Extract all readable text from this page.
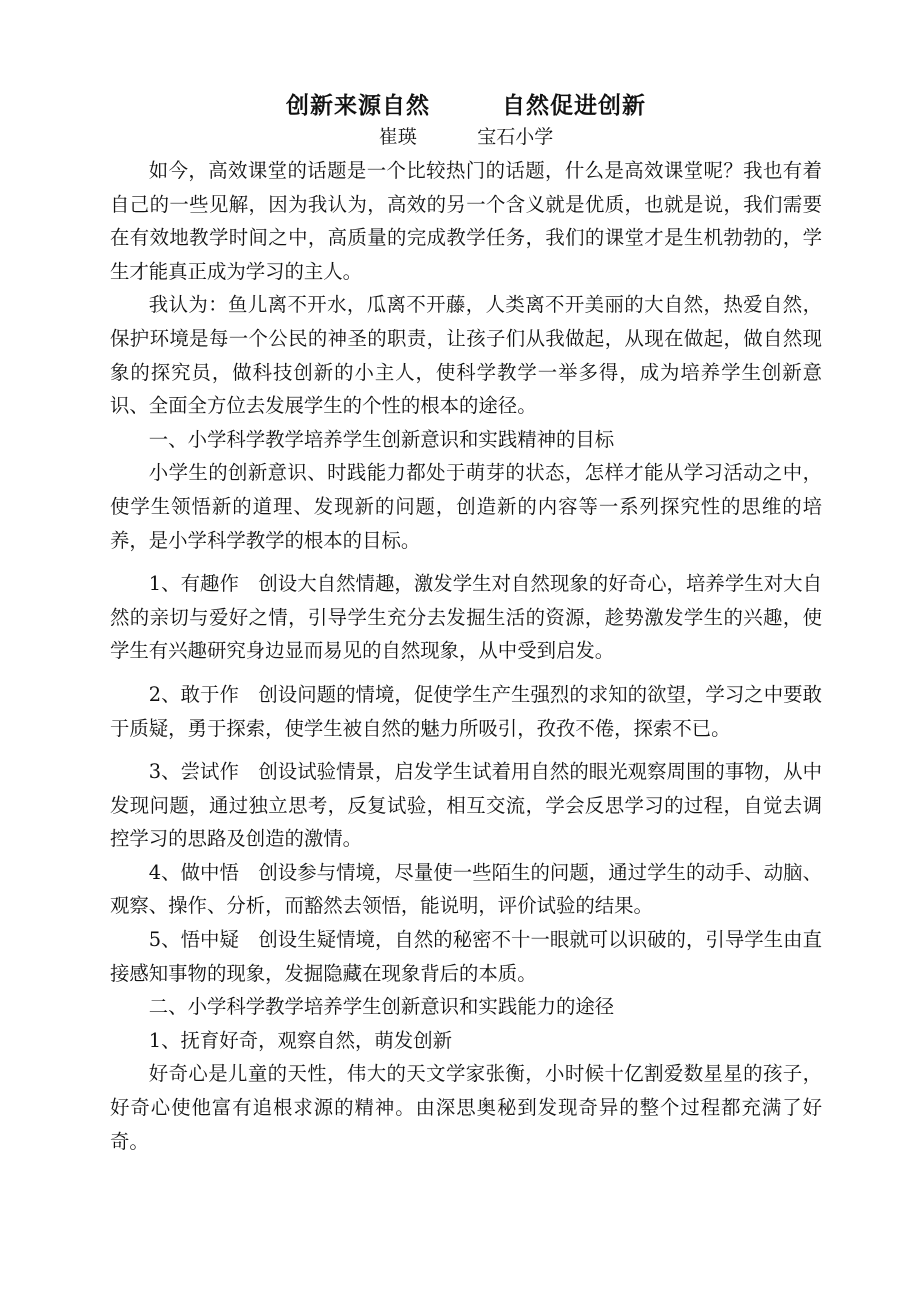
创新来源自然        自然促进创新
崔瑛          宝石小学

如今，高效课堂的话题是一个比较热门的话题，什么是高效课堂呢？我也有着自己的一些见解，因为我认为，高效的另一个含义就是优质，也就是说，我们需要在有效地教学时间之中，高质量的完成教学任务，我们的课堂才是生机勃勃的，学生才能真正成为学习的主人。

我认为：鱼儿离不开水，瓜离不开藤，人类离不开美丽的大自然，热爱自然，保护环境是每一个公民的神圣的职责，让孩子们从我做起，从现在做起，做自然现象的探究员，做科技创新的小主人，使科学教学一举多得，成为培养学生创新意识、全面全方位去发展学生的个性的根本的途径。

一、小学科学教学培养学生创新意识和实践精神的目标

小学生的创新意识、时践能力都处于萌芽的状态，怎样才能从学习活动之中，使学生领悟新的道理、发现新的问题，创造新的内容等一系列探究性的思维的培养，是小学科学教学的根本的目标。

1、有趣作　创设大自然情趣，激发学生对自然现象的好奇心，培养学生对大自然的亲切与爱好之情，引导学生充分去发掘生活的资源，趁势激发学生的兴趣，使学生有兴趣研究身边显而易见的自然现象，从中受到启发。

2、敢于作　创设问题的情境，促使学生产生强烈的求知的欲望，学习之中要敢于质疑，勇于探索，使学生被自然的魅力所吸引，孜孜不倦，探索不已。

3、尝试作　创设试验情景，启发学生试着用自然的眼光观察周围的事物，从中发现问题，通过独立思考，反复试验，相互交流，学会反思学习的过程，自觉去调控学习的思路及创造的激情。

4、做中悟　创设参与情境，尽量使一些陌生的问题，通过学生的动手、动脑、观察、操作、分析，而豁然去领悟，能说明，评价试验的结果。

5、悟中疑　创设生疑情境，自然的秘密不十一眼就可以识破的，引导学生由直接感知事物的现象，发掘隐藏在现象背后的本质。

二、小学科学教学培养学生创新意识和实践能力的途径

1、抚育好奇，观察自然，萌发创新

好奇心是儿童的天性，伟大的天文学家张衡，小时候十亿割爱数星星的孩子，好奇心使他富有追根求源的精神。由深思奥秘到发现奇异的整个过程都充满了好奇。
